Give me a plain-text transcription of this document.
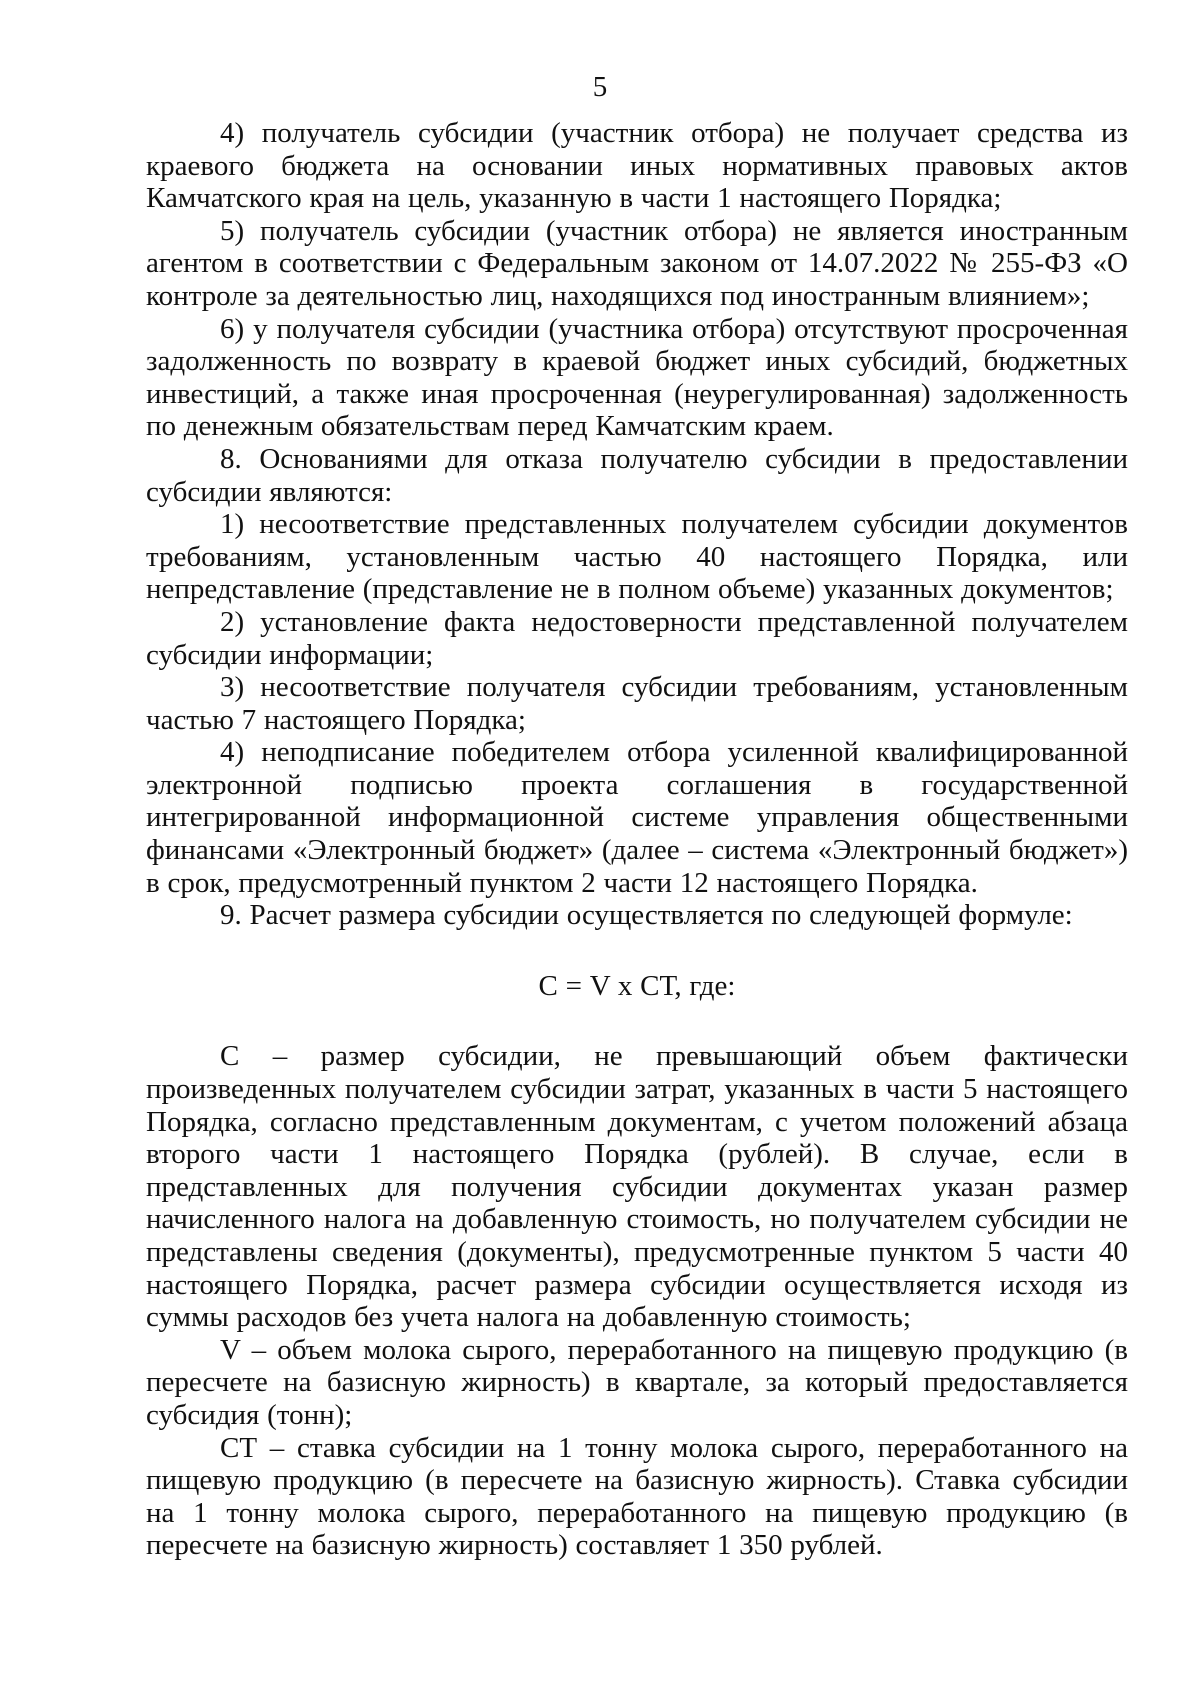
5

4) получатель субсидии (участник отбора) не получает средства из краевого бюджета на основании иных нормативных правовых актов Камчатского края на цель, указанную в части 1 настоящего Порядка;

5) получатель субсидии (участник отбора) не является иностранным агентом в соответствии с Федеральным законом от 14.07.2022 № 255-ФЗ «О контроле за деятельностью лиц, находящихся под иностранным влиянием»;

6) у получателя субсидии (участника отбора) отсутствуют просроченная задолженность по возврату в краевой бюджет иных субсидий, бюджетных инвестиций, а также иная просроченная (неурегулированная) задолженность по денежным обязательствам перед Камчатским краем.

8. Основаниями для отказа получателю субсидии в предоставлении субсидии являются:

1) несоответствие представленных получателем субсидии документов требованиям, установленным частью 40 настоящего Порядка, или непредставление (представление не в полном объеме) указанных документов;

2) установление факта недостоверности представленной получателем субсидии информации;

3) несоответствие получателя субсидии требованиям, установленным частью 7 настоящего Порядка;

4) неподписание победителем отбора усиленной квалифицированной электронной подписью проекта соглашения в государственной интегрированной информационной системе управления общественными финансами «Электронный бюджет» (далее – система «Электронный бюджет») в срок, предусмотренный пунктом 2 части 12 настоящего Порядка.

9. Расчет размера субсидии осуществляется по следующей формуле:

С = V х СТ, где:

С – размер субсидии, не превышающий объем фактически произведенных получателем субсидии затрат, указанных в части 5 настоящего Порядка, согласно представленным документам, с учетом положений абзаца второго части 1 настоящего Порядка (рублей). В случае, если в представленных для получения субсидии документах указан размер начисленного налога на добавленную стоимость, но получателем субсидии не представлены сведения (документы), предусмотренные пунктом 5 части 40 настоящего Порядка, расчет размера субсидии осуществляется исходя из суммы расходов без учета налога на добавленную стоимость;

V – объем молока сырого, переработанного на пищевую продукцию (в пересчете на базисную жирность) в квартале, за который предоставляется субсидия (тонн);

СТ – ставка субсидии на 1 тонну молока сырого, переработанного на пищевую продукцию (в пересчете на базисную жирность). Ставка субсидии на 1 тонну молока сырого, переработанного на пищевую продукцию (в пересчете на базисную жирность) составляет 1 350 рублей.
